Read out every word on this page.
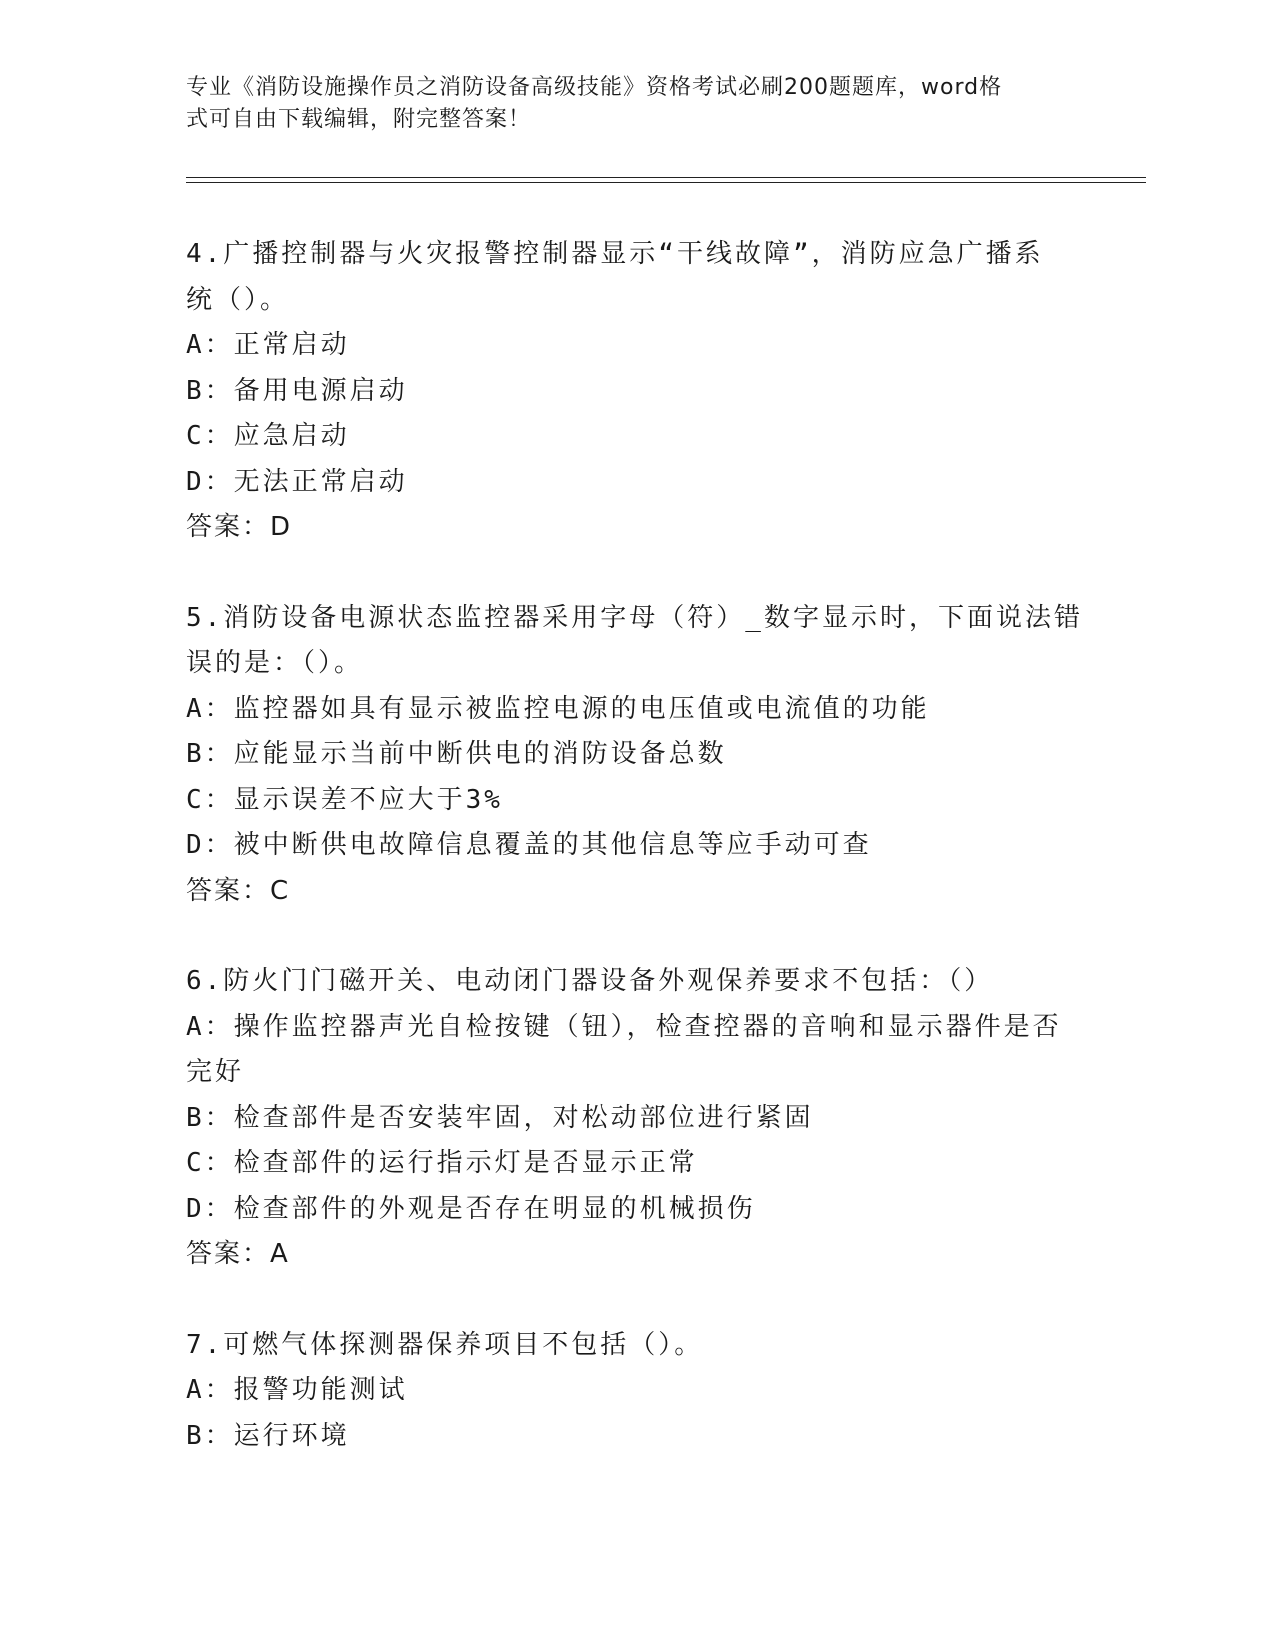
专业《消防设施操作员之消防设备高级技能》资格考试必刷200题题库，word格
式可自由下载编辑，附完整答案！
4.广播控制器与火灾报警控制器显示“干线故障”，消防应急广播系
统（）。
A：正常启动
B：备用电源启动
C：应急启动
D：无法正常启动
答案：D
5.消防设备电源状态监控器采用字母（符）_数字显示时，下面说法错
误的是：（）。
A：监控器如具有显示被监控电源的电压值或电流值的功能
B：应能显示当前中断供电的消防设备总数
C：显示误差不应大于3%
D：被中断供电故障信息覆盖的其他信息等应手动可查
答案：C
6.防火门门磁开关、电动闭门器设备外观保养要求不包括：（）
A：操作监控器声光自检按键（钮），检查控器的音响和显示器件是否
完好
B：检查部件是否安装牢固，对松动部位进行紧固
C：检查部件的运行指示灯是否显示正常
D：检查部件的外观是否存在明显的机械损伤
答案：A
7.可燃气体探测器保养项目不包括（）。
A：报警功能测试
B：运行环境
